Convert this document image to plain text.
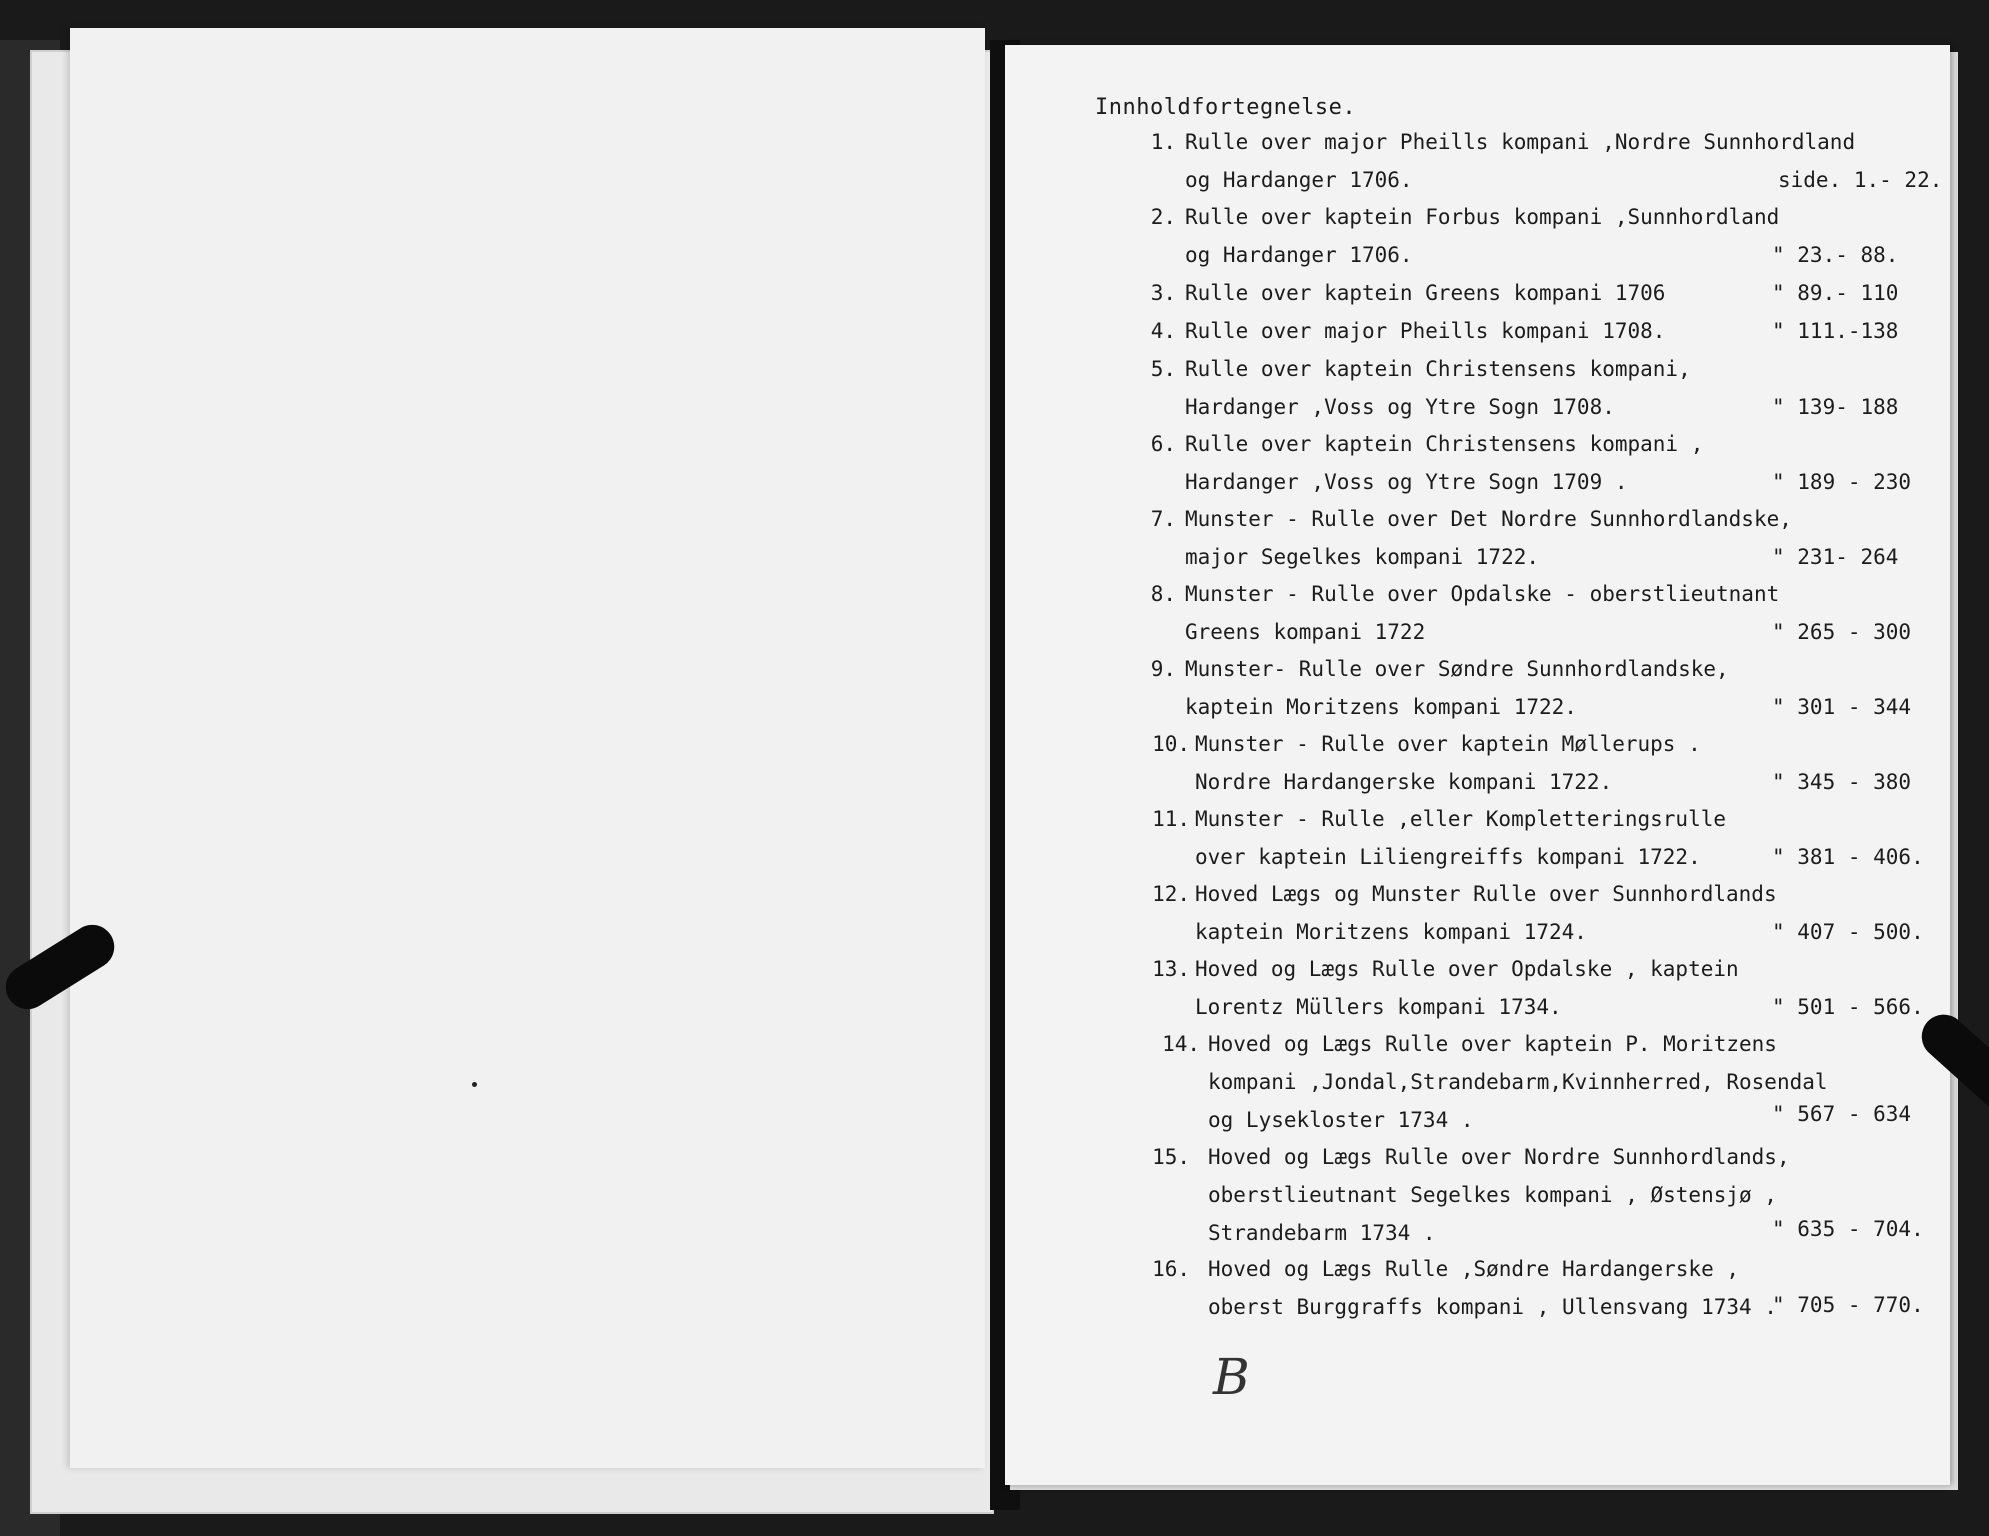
Innholdfortegnelse.
1. Rulle over major Pheills kompani ,Nordre Sunnhordland
og Hardanger 1706.	side. 1.- 22.
2. Rulle over kaptein Forbus kompani ,Sunnhordland
og Hardanger 1706.	" 23.- 88.
3. Rulle over kaptein Greens kompani 1706	" 89.- 110
4. Rulle over major Pheills kompani 1708.	" 111.-138
5. Rulle over kaptein Christensens kompani,
Hardanger ,Voss og Ytre Sogn 1708.	" 139- 188
6. Rulle over kaptein Christensens kompani ,
Hardanger ,Voss og Ytre Sogn 1709 .	" 189 - 230
7. Munster - Rulle over Det Nordre Sunnhordlandske,
major Segelkes kompani 1722.	" 231- 264
8. Munster - Rulle over Opdalske - oberstlieutnant
Greens kompani 1722	" 265 - 300
9. Munster- Rulle over Søndre Sunnhordlandske,
kaptein Moritzens kompani 1722.	" 301 - 344
10. Munster - Rulle over kaptein Møllerups .
Nordre Hardangerske kompani 1722.	" 345 - 380
11. Munster - Rulle ,eller Kompletteringsrulle
over kaptein Liliengreiffs kompani 1722.	" 381 - 406.
12. Hoved Lægs og Munster Rulle over Sunnhordlands
kaptein Moritzens kompani 1724.	" 407 - 500.
13. Hoved og Lægs Rulle over Opdalske , kaptein
Lorentz Müllers kompani 1734.	" 501 - 566.
14. Hoved og Lægs Rulle over kaptein P. Moritzens
kompani ,Jondal,Strandebarm,Kvinnherred, Rosendal
og Lysekloster 1734 .	" 567 - 634
15. Hoved og Lægs Rulle over Nordre Sunnhordlands,
oberstlieutnant Segelkes kompani , Østensjø ,
Strandebarm 1734 .	" 635 - 704.
16. Hoved og Lægs Rulle ,Søndre Hardangerske ,
oberst Burggraffs kompani , Ullensvang 1734 .
" 705 - 770.
B
